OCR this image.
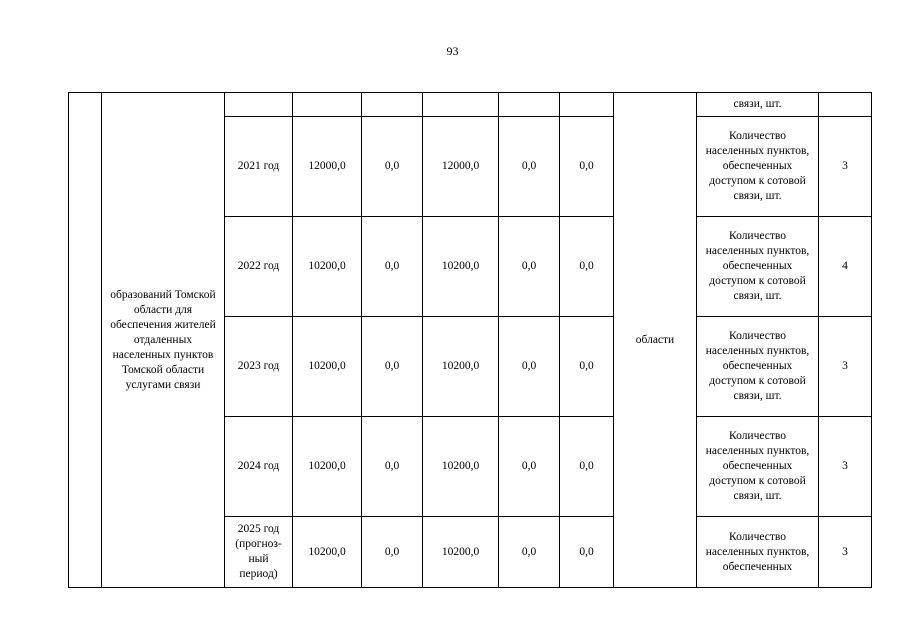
93
	образований Томской области для обеспечения жителей отдаленных населенных пунктов Томской области услугами связи							области	связи, шт.	
		2021 год	12000,0	0,0	12000,0	0,0	0,0		Количество населенных пунктов, обеспеченных доступом к сотовой связи, шт.	3
		2022 год	10200,0	0,0	10200,0	0,0	0,0		Количество населенных пунктов, обеспеченных доступом к сотовой связи, шт.	4
		2023 год	10200,0	0,0	10200,0	0,0	0,0		Количество населенных пунктов, обеспеченных доступом к сотовой связи, шт.	3
		2024 год	10200,0	0,0	10200,0	0,0	0,0		Количество населенных пунктов, обеспеченных доступом к сотовой связи, шт.	3
		2025 год (прогноз-ный период)	10200,0	0,0	10200,0	0,0	0,0		Количество населенных пунктов, обеспеченных	3
